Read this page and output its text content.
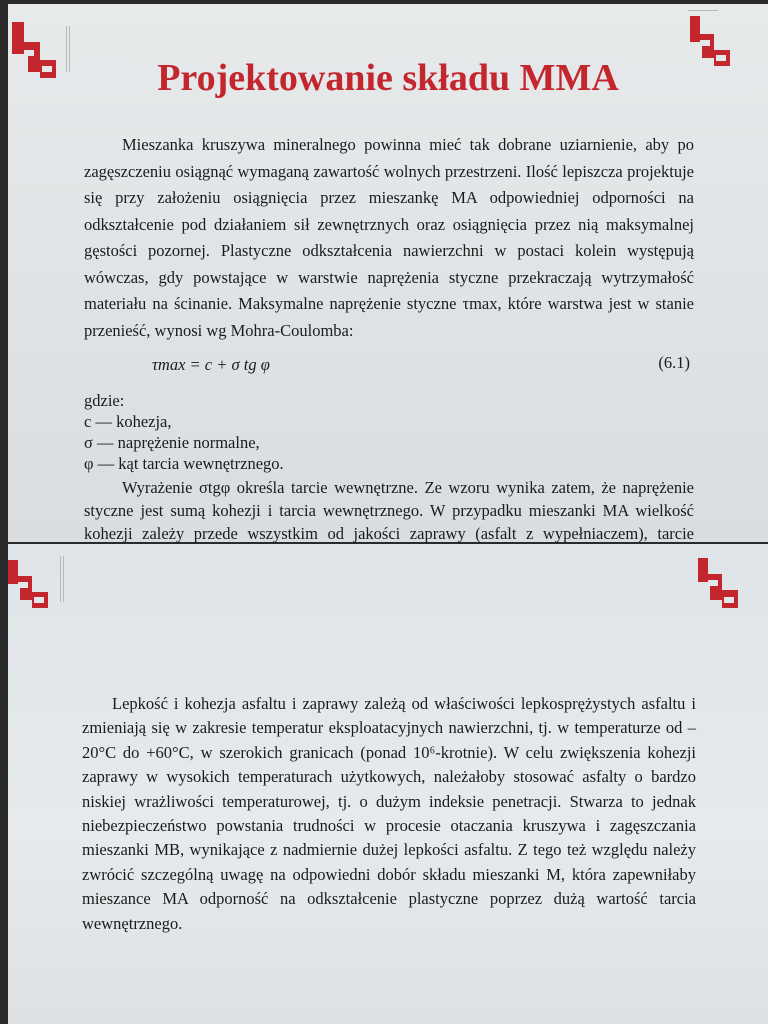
Projektowanie składu MMA

Mieszanka kruszywa mineralnego powinna mieć tak dobrane uziarnienie, aby po zagęszczeniu osiągnąć wymaganą zawartość wolnych przestrzeni. Ilość lepiszcza projektuje się przy założeniu osiągnięcia przez mieszankę MA odpowiedniej odporności na odkształcenie pod działaniem sił zewnętrznych oraz osiągnięcia przez nią maksymalnej gęstości pozornej. Plastyczne odkształcenia nawierzchni w postaci kolein występują wówczas, gdy powstające w warstwie naprężenia styczne przekraczają wytrzymałość materiału na ścinanie. Maksymalne naprężenie styczne τmax, które warstwa jest w stanie przenieść, wynosi wg Mohra-Coulomba:

τmax = c + σ tg φ	(6.1)

gdzie:

c — kohezja,

σ — naprężenie normalne,

φ — kąt tarcia wewnętrznego.

Wyrażenie σtgφ określa tarcie wewnętrzne. Ze wzoru wynika zatem, że naprężenie styczne jest sumą kohezji i tarcia wewnętrznego. W przypadku mieszanki MA wielkość kohezji zależy przede wszystkim od jakości zaprawy (asfalt z wypełniaczem), tarcie

Lepkość i kohezja asfaltu i zaprawy zależą od właściwości lepkosprężystych asfaltu i zmieniają się w zakresie temperatur eksploatacyjnych nawierzchni, tj. w temperaturze od –20°C do +60°C, w szerokich granicach (ponad 10⁶-krotnie). W celu zwiększenia kohezji zaprawy w wysokich temperaturach użytkowych, należałoby stosować asfalty o bardzo niskiej wrażliwości temperaturowej, tj. o dużym indeksie penetracji. Stwarza to jednak niebezpieczeństwo powstania trudności w procesie otaczania kruszywa i zagęszczania mieszanki MB, wynikające z nadmiernie dużej lepkości asfaltu. Z tego też względu należy zwrócić szczególną uwagę na odpowiedni dobór składu mieszanki M, która zapewniłaby mieszance MA odporność na odkształcenie plastyczne poprzez dużą wartość tarcia wewnętrznego.
